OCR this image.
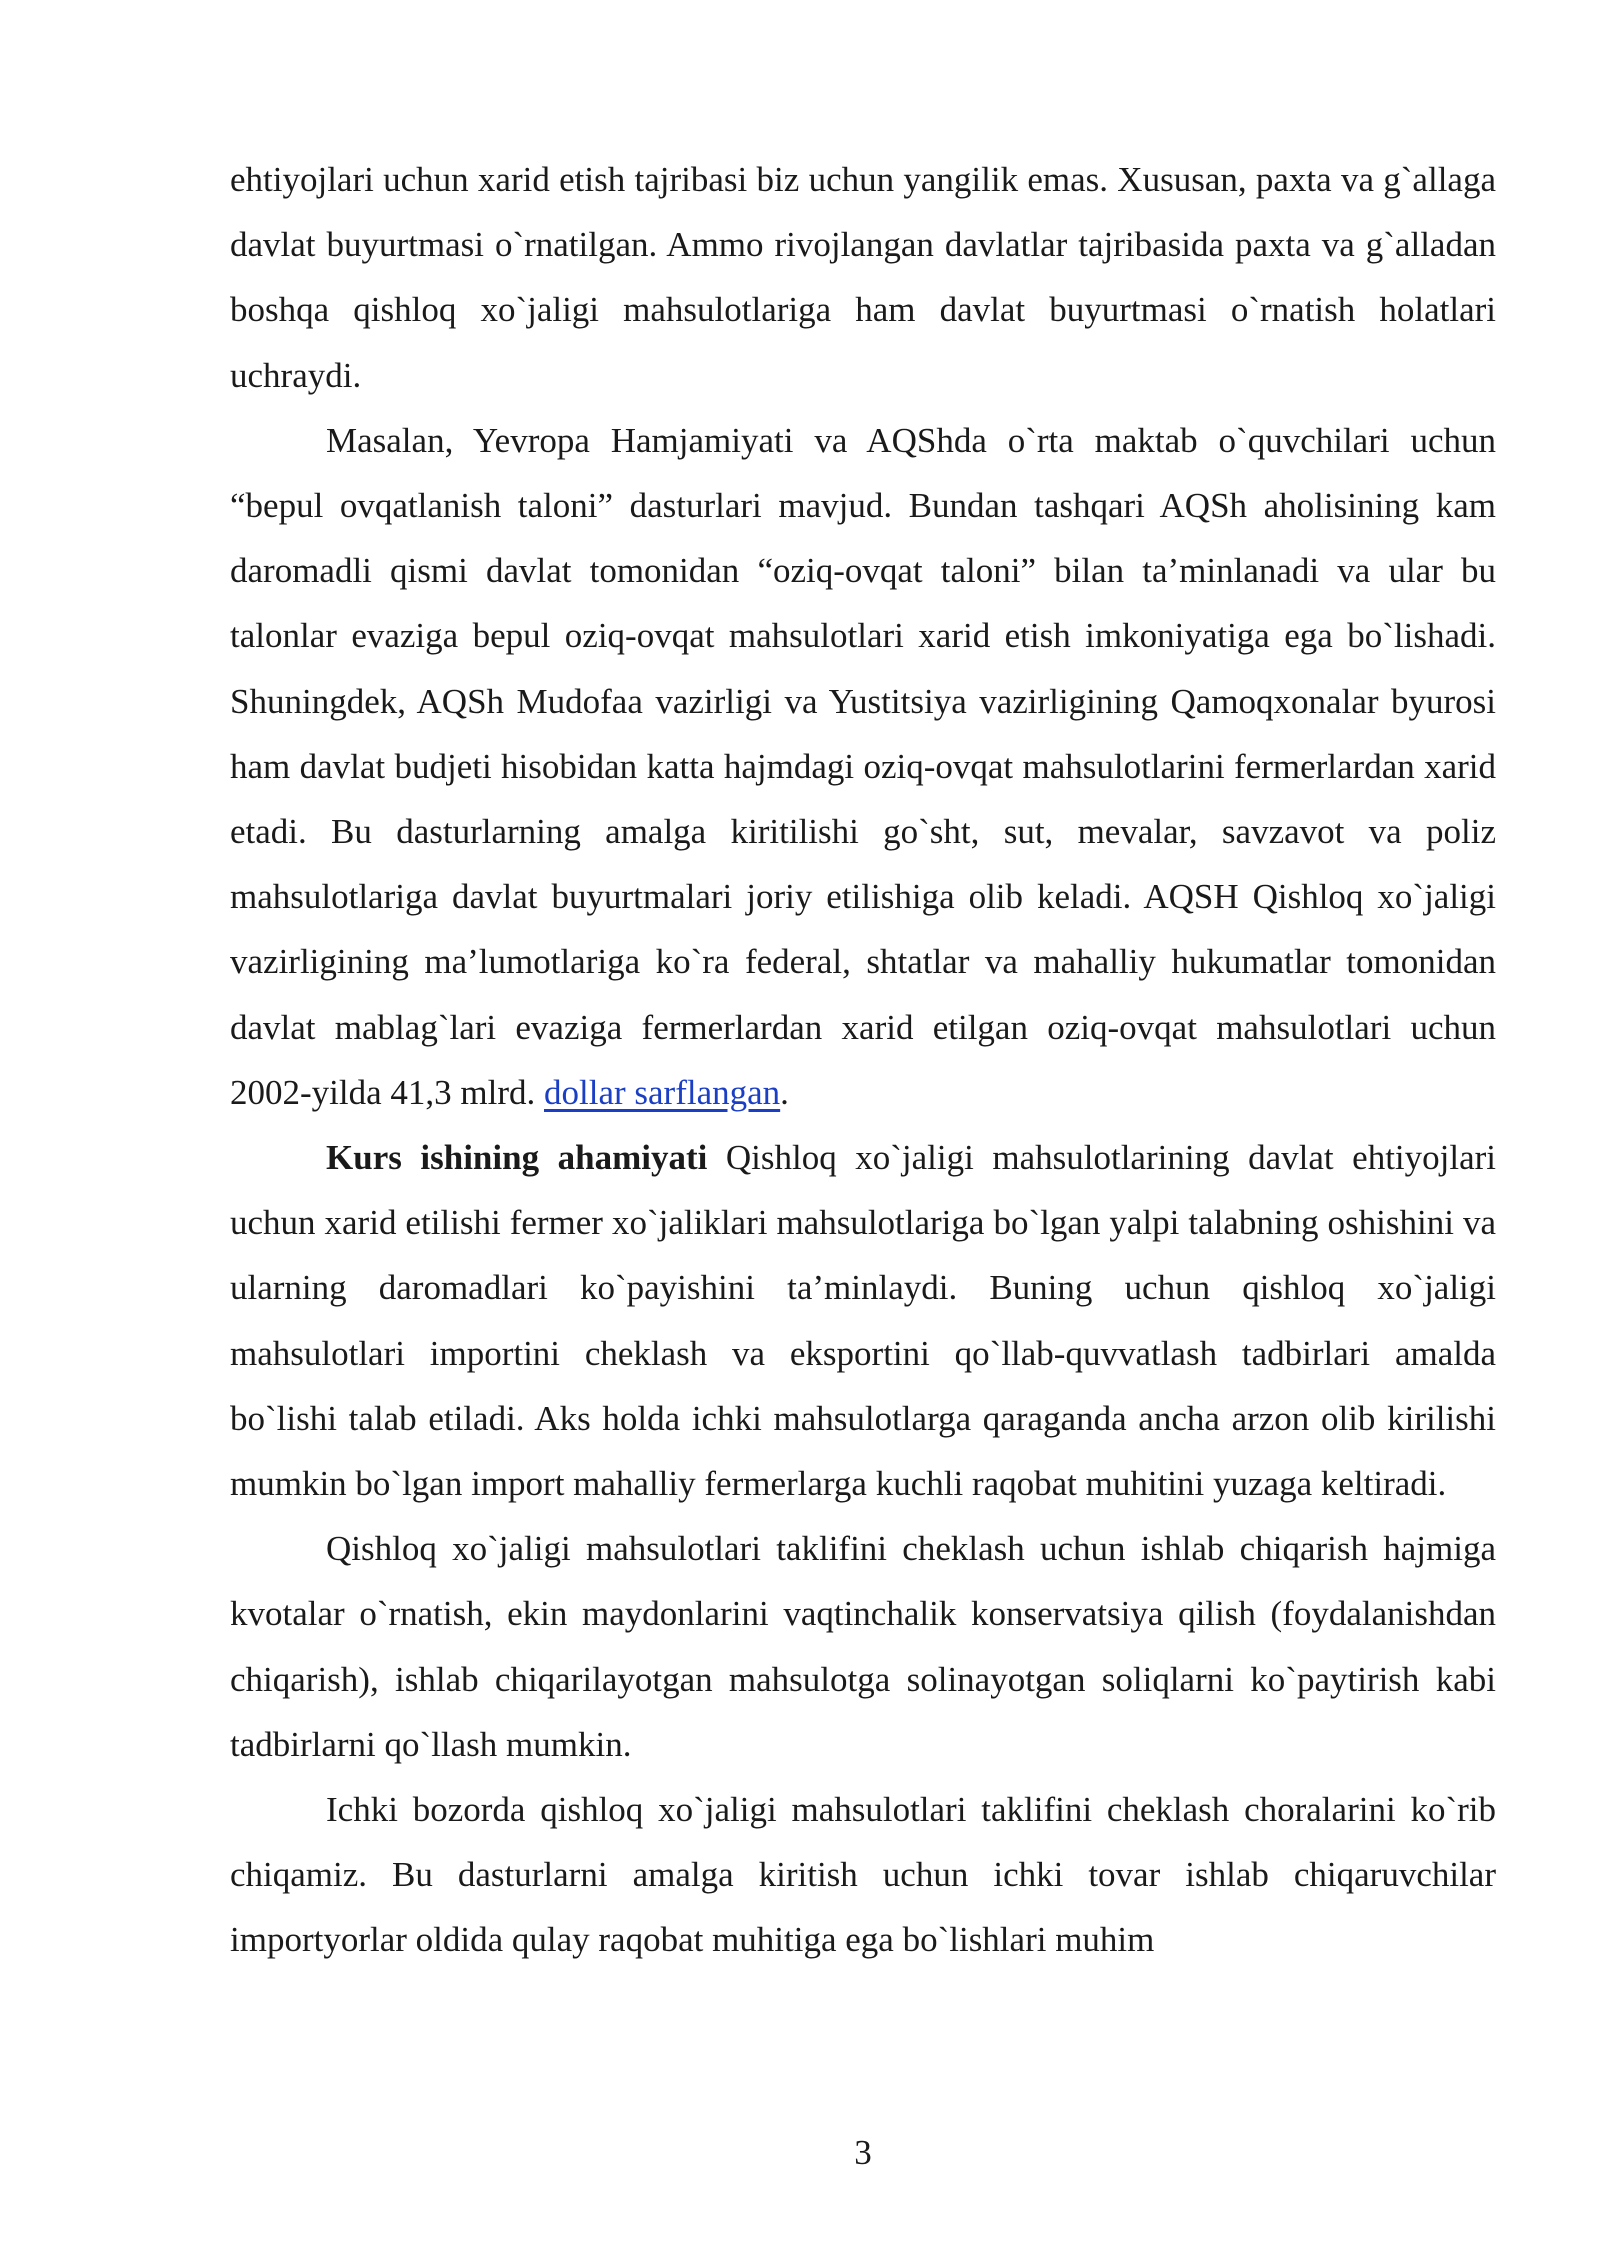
ehtiyojlari uchun xarid etish tajribasi biz uchun yangilik emas. Xususan, paxta va g`allaga davlat buyurtmasi o`rnatilgan. Ammo rivojlangan davlatlar tajribasida paxta va g`alladan boshqa qishloq xo`jaligi mahsulotlariga ham davlat buyurtmasi o`rnatish holatlari uchraydi.

Masalan, Yevropa Hamjamiyati va AQShda o`rta maktab o`quvchilari uchun “bepul ovqatlanish taloni” dasturlari mavjud. Bundan tashqari AQSh aholisining kam daromadli qismi davlat tomonidan “oziq-ovqat taloni” bilan ta’minlanadi va ular bu talonlar evaziga bepul oziq-ovqat mahsulotlari xarid etish imkoniyatiga ega bo`lishadi. Shuningdek, AQSh Mudofaa vazirligi va Yustitsiya vazirligining Qamoqxonalar byurosi ham davlat budjeti hisobidan katta hajmdagi oziq-ovqat mahsulotlarini fermerlardan xarid etadi. Bu dasturlarning amalga kiritilishi go`sht, sut, mevalar, savzavot va poliz mahsulotlariga davlat buyurtmalari joriy etilishiga olib keladi. AQSH Qishloq xo`jaligi vazirligining ma’lumotlariga ko`ra federal, shtatlar va mahalliy hukumatlar tomonidan davlat mablag`lari evaziga fermerlardan xarid etilgan oziq-ovqat mahsulotlari uchun 2002-yilda 41,3 mlrd. dollar sarflangan.

Kurs ishining ahamiyati Qishloq xo`jaligi mahsulotlarining davlat ehtiyojlari uchun xarid etilishi fermer xo`jaliklari mahsulotlariga bo`lgan yalpi talabning oshishini va ularning daromadlari ko`payishini ta’minlaydi. Buning uchun qishloq xo`jaligi mahsulotlari importini cheklash va eksportini qo`llab-quvvatlash tadbirlari amalda bo`lishi talab etiladi. Aks holda ichki mahsulotlarga qaraganda ancha arzon olib kirilishi mumkin bo`lgan import mahalliy fermerlarga kuchli raqobat muhitini yuzaga keltiradi.

Qishloq xo`jaligi mahsulotlari taklifini cheklash uchun ishlab chiqarish hajmiga kvotalar o`rnatish, ekin maydonlarini vaqtinchalik konservatsiya qilish (foydalanishdan chiqarish), ishlab chiqarilayotgan mahsulotga solinayotgan soliqlarni ko`paytirish kabi tadbirlarni qo`llash mumkin.

Ichki bozorda qishloq xo`jaligi mahsulotlari taklifini cheklash choralarini ko`rib chiqamiz. Bu dasturlarni amalga kiritish uchun ichki tovar ishlab chiqaruvchilar importyorlar oldida qulay raqobat muhitiga ega bo`lishlari muhim

3
